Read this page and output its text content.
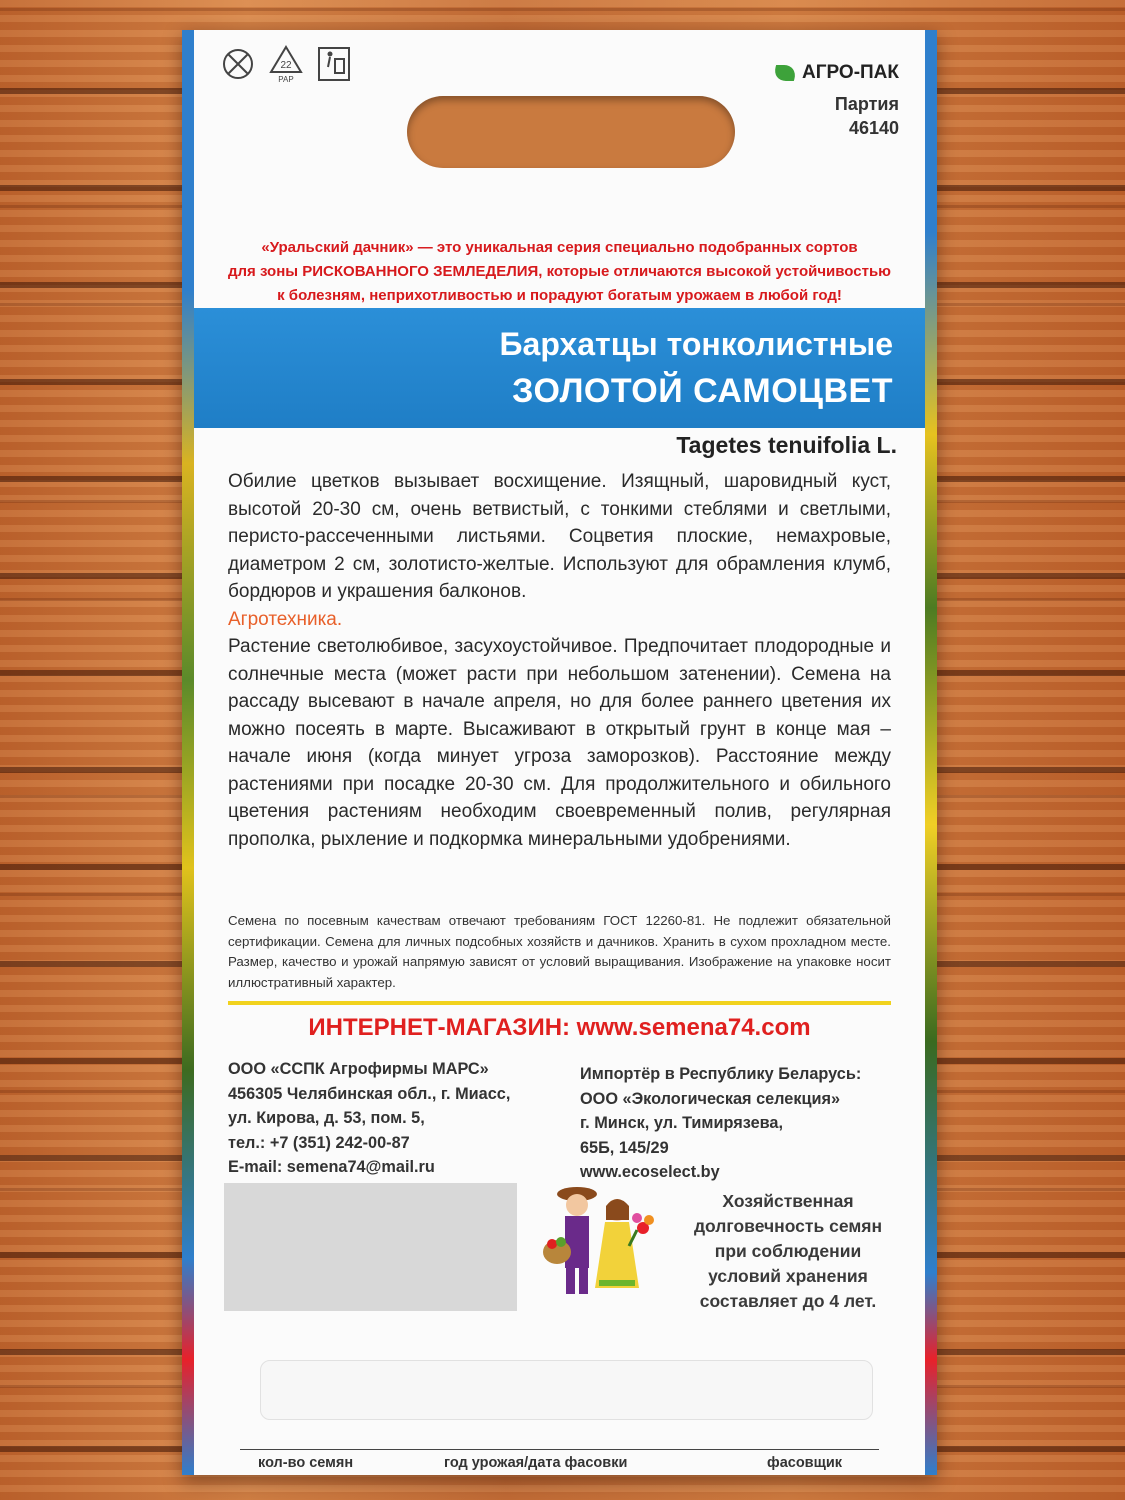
22
PAP	АГРО-ПАК
Партия
46140
«Уральский дачник» — это уникальная серия специально подобранных сортов
для зоны РИСКОВАННОГО ЗЕМЛЕДЕЛИЯ, которые отличаются высокой устойчивостью
к болезням, неприхотливостью и порадуют богатым урожаем в любой год!
Бархатцы тонколистные
ЗОЛОТОЙ САМОЦВЕТ
Tagetes tenuifolia L.

Обилие цветков вызывает восхищение. Изящный, шаровидный куст, высотой 20-30 см, очень ветвистый, с тонкими стеблями и светлыми, перисто-рассеченными листьями. Соцветия плоские, немахровые, диаметром 2 см, золотисто-желтые. Используют для обрамления клумб, бордюров и украшения балконов.

Агротехника.

Растение светолюбивое, засухоустойчивое. Предпочитает плодородные и солнечные места (может расти при небольшом затенении). Семена на рассаду высевают в начале апреля, но для более раннего цветения их можно посеять в марте. Высаживают в открытый грунт в конце мая – начале июня (когда минует угроза заморозков). Расстояние между растениями при посадке 20-30 см. Для продолжительного и обильного цветения растениям необходим своевременный полив, регулярная прополка, рыхление и подкормка минеральными удобрениями.

Семена по посевным качествам отвечают требованиям ГОСТ 12260-81. Не подлежит обязательной сертификации. Семена для личных подсобных хозяйств и дачников. Хранить в сухом прохладном месте. Размер, качество и урожай напрямую зависят от условий выращивания. Изображение на упаковке носит иллюстративный характер.
ИНТЕРНЕТ-МАГАЗИН: www.semena74.com
ООО «ССПК Агрофирмы МАРС»
456305 Челябинская обл., г. Миасс,
ул. Кирова, д. 53, пом. 5,
тел.: +7 (351) 242-00-87
E-mail: semena74@mail.ru
Импортёр в Республику Беларусь:
ООО «Экологическая селекция»
г. Минск, ул. Тимирязева,
65Б, 145/29
www.ecoselect.by
Хозяйственная
долговечность семян
при соблюдении
условий хранения
составляет до 4 лет.
кол-во семян	год урожая/дата фасовки	фасовщик
